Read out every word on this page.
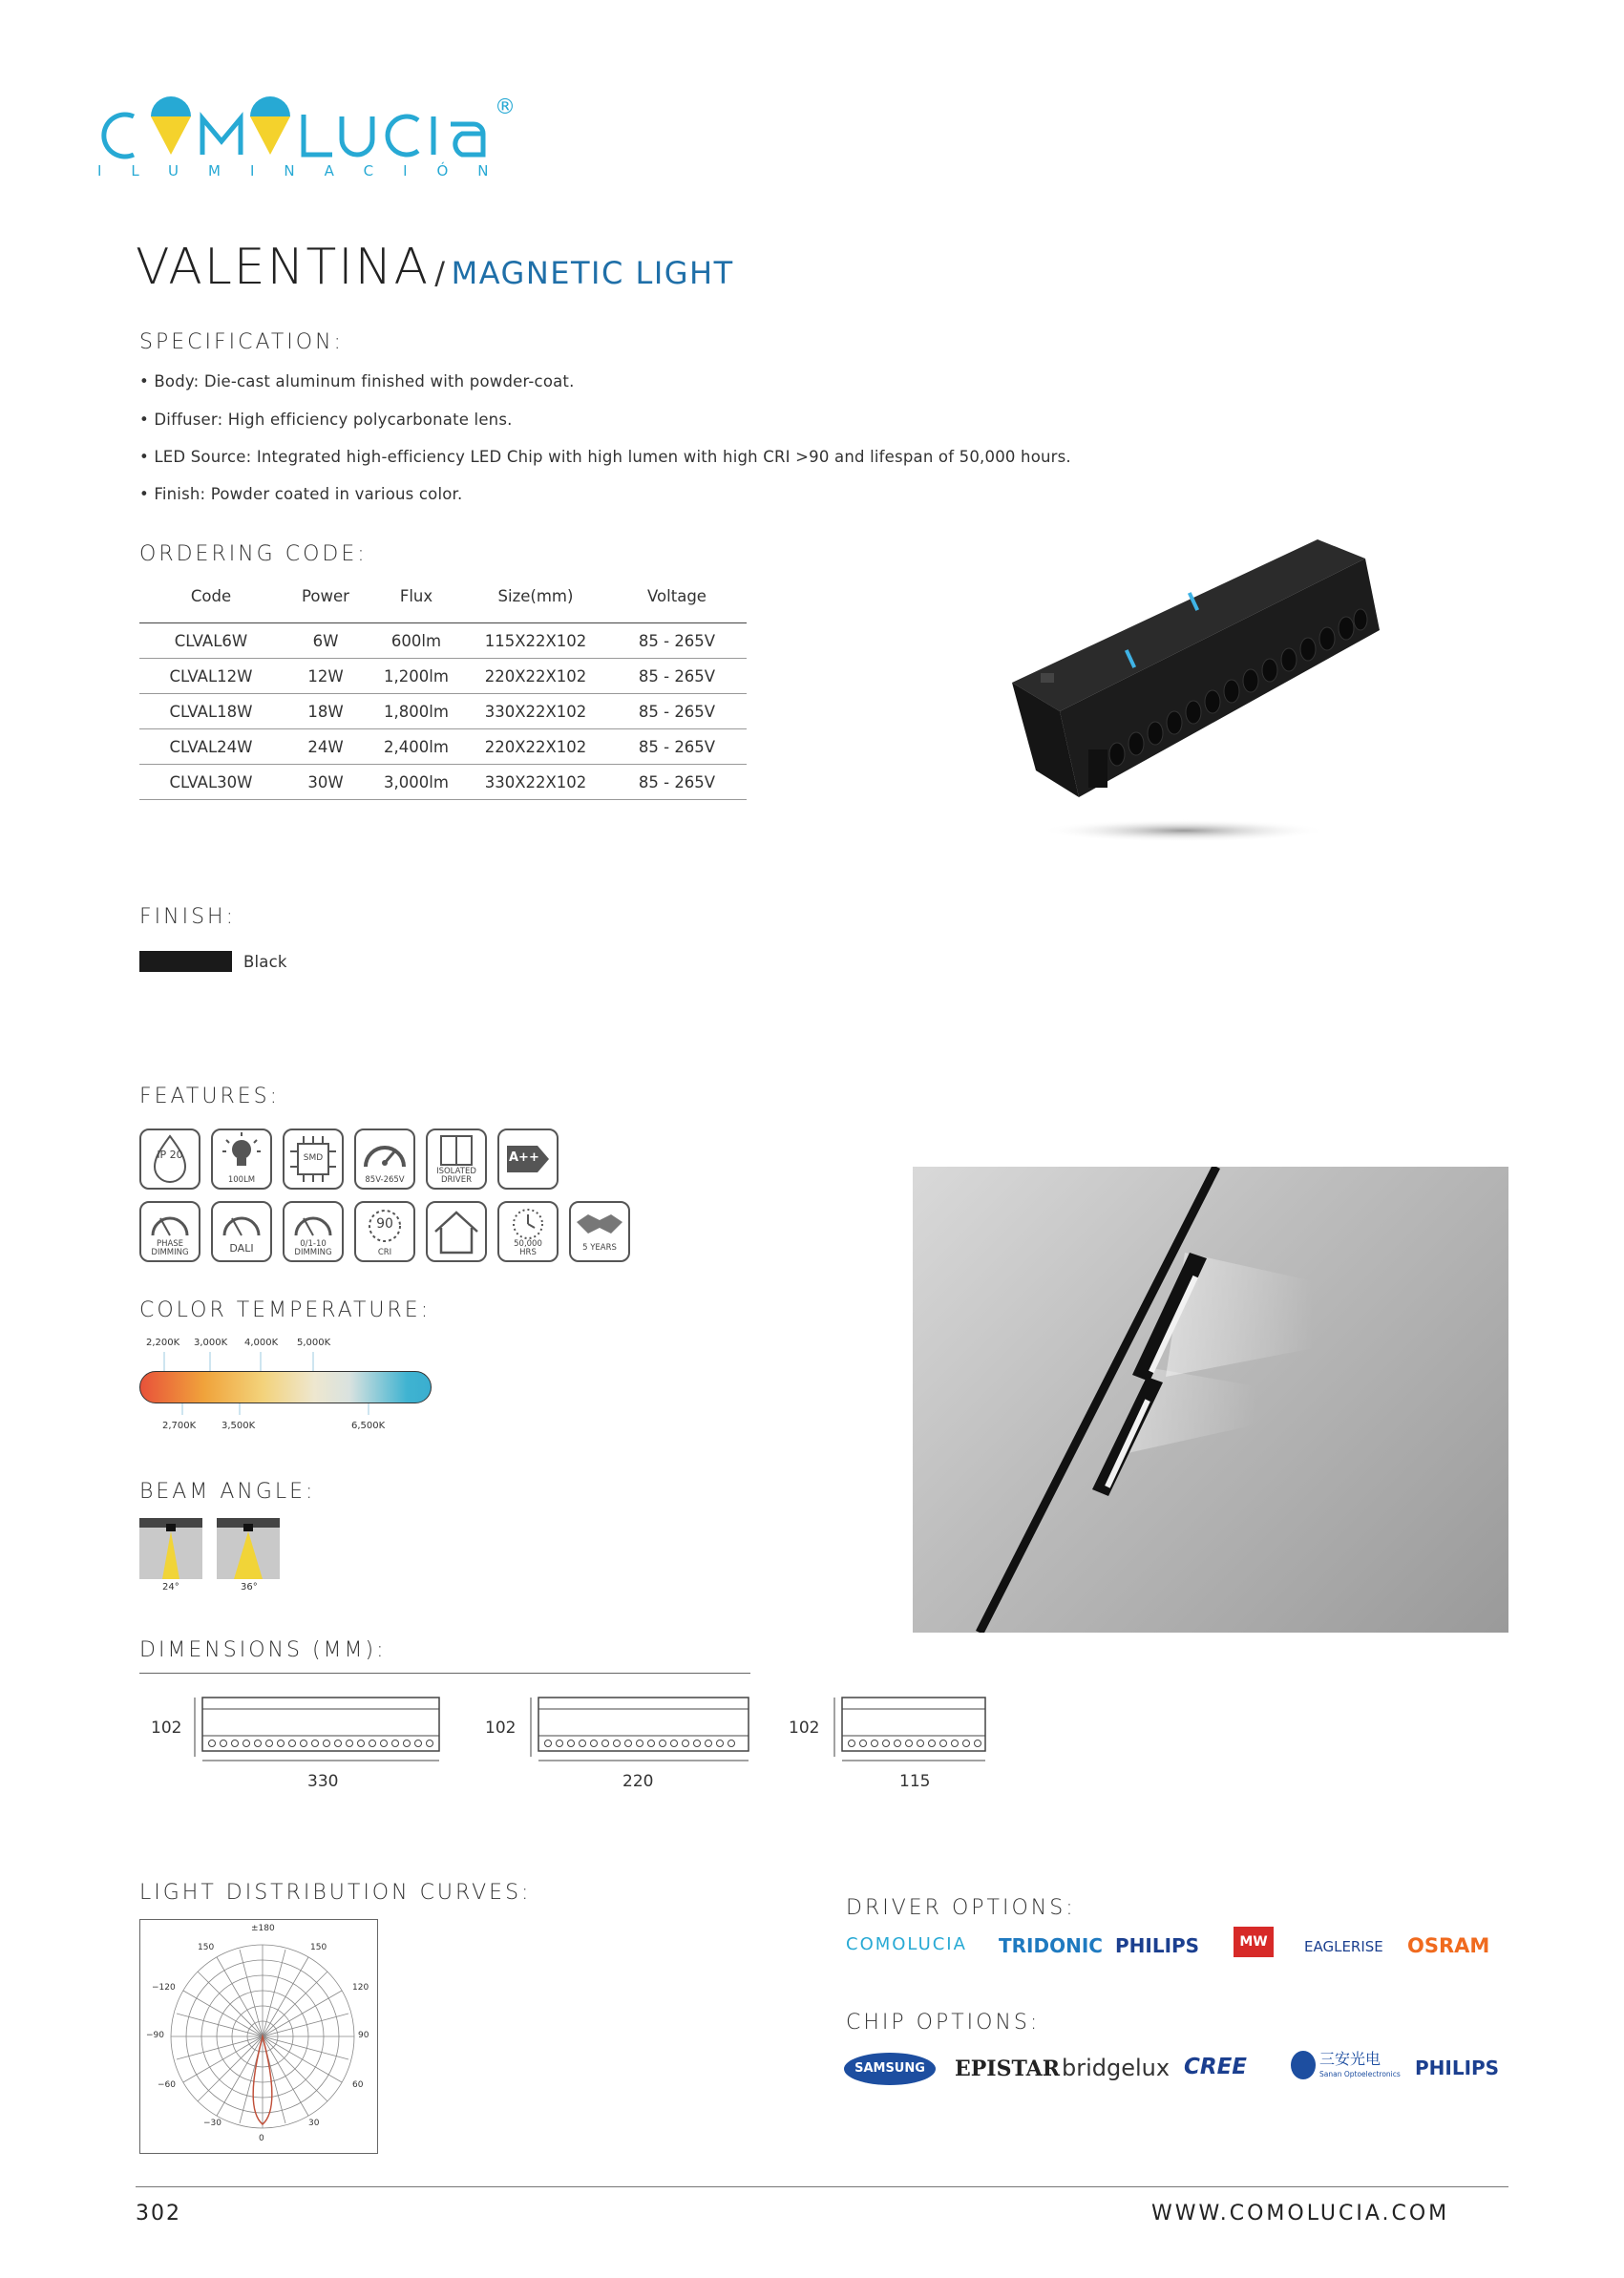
®
ILUMINACIÓN
VALENTINA / MAGNETIC LIGHT
SPECIFICATION:
• Body: Die-cast aluminum finished with powder-coat.
• Diffuser: High efficiency polycarbonate lens.
• LED Source: Integrated high-efficiency LED Chip with high lumen with high CRI >90 and lifespan of 50,000 hours.
• Finish: Powder coated in various color.
ORDERING CODE:
Code	Power	Flux	Size(mm)	Voltage
CLVAL6W	6W	600lm	115X22X102	85 - 265V
CLVAL12W	12W	1,200lm	220X22X102	85 - 265V
CLVAL18W	18W	1,800lm	330X22X102	85 - 265V
CLVAL24W	24W	2,400lm	220X22X102	85 - 265V
CLVAL30W	30W	3,000lm	330X22X102	85 - 265V
FINISH:
Black
FEATURES:
IP 20
100LM
SMD
85V-265V
ISOLATED DRIVER
A++
PHASE DIMMING	DALI	0/1-10 DIMMING
90
CRI
50,000 HRS	5 YEARS
COLOR TEMPERATURE:
2,200K 3,000K 4,000K 5,000K
2,700K	3,500K	6,500K
BEAM ANGLE:
24°	36°
DIMENSIONS (MM):
102
330
102
220
102
115
LIGHT DISTRIBUTION CURVES:
±180
150	150
−120	120
−90	90
−60	60
−30	30
0
DRIVER OPTIONS:
COMOLUCIA TRIDONIC PHILIPS	MW	EAGLERISE OSRAM
CHIP OPTIONS:
SAMSUNG	EPISTAR bridgelux CREE	三安光电
Sanan Optoelectronics PHILIPS
302	WWW.COMOLUCIA.COM
